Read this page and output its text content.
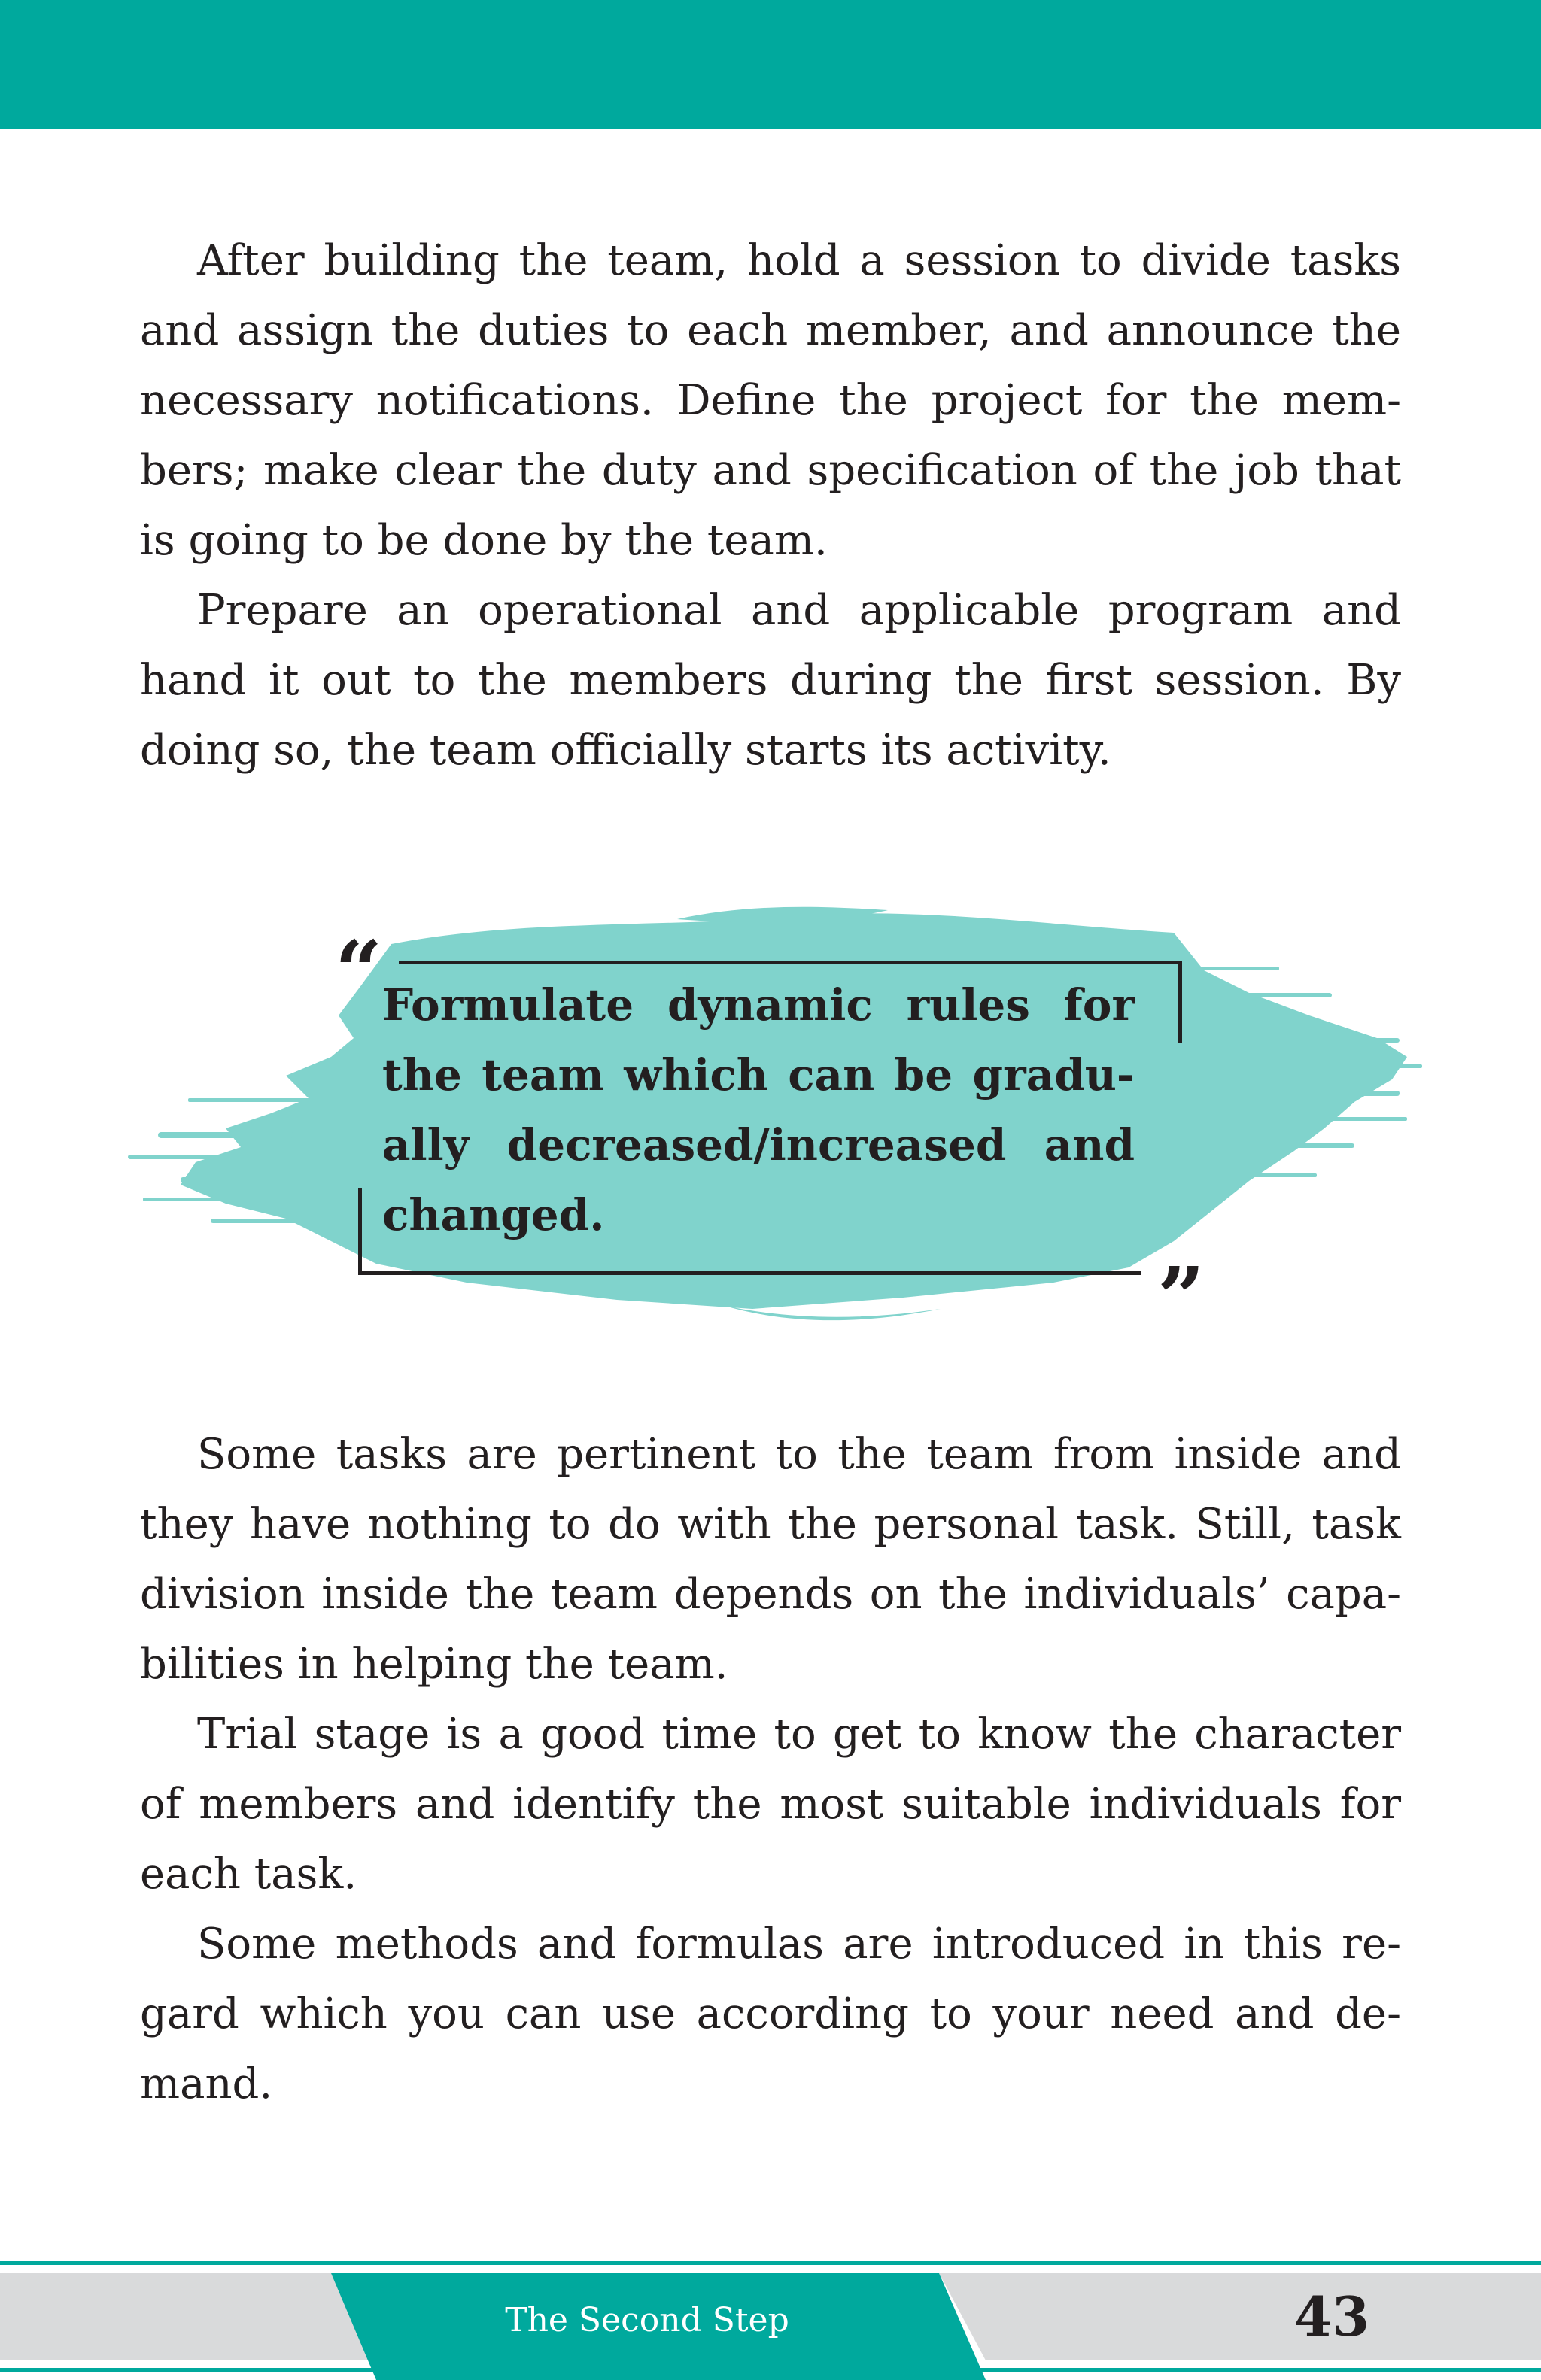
After building the team, hold a session to divide tasks and assign the duties to each member, and announce the necessary notifications. Define the project for the mem-bers; make clear the duty and specification of the job that is going to be done by the team.

Prepare an operational and applicable program and hand it out to the members during the first session. By doing so, the team officially starts its activity.

“ Formulate dynamic rules for the team which can be gradu-ally decreased/increased and changed.

”

Some tasks are pertinent to the team from inside and they have nothing to do with the personal task. Still, task division inside the team depends on the individuals’ capa-bilities in helping the team.

Trial stage is a good time to get to know the character of members and identify the most suitable individuals for each task.

Some methods and formulas are introduced in this re-gard which you can use according to your need and de-mand.

The Second Step	43
